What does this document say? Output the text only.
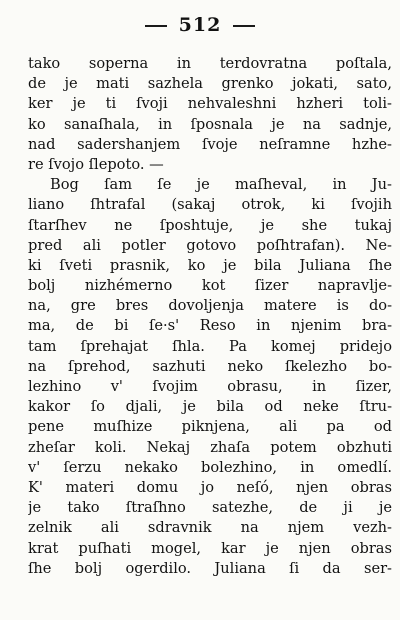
512
tako soperna in terdovratna poſtala,
de je mati sazhela grenko jokati, sato,
ker je ti ſvoji nehvaleshni hzheri toli-
ko sanaſhala, in ſposnala je na sadnje,
nad sadershanjem ſvoje neſramne hzhe-
re ſvojo ſlepoto. —
Bog ſam ſe je maſheval, in Ju-
liano ſhtrafal (sakaj otrok, ki ſvojih
ſtarſhev ne ſposhtuje, je she tukaj
pred ali potler gotovo poſhtrafan). Ne-
ki ſveti prasnik, ko je bila Juliana ſhe
bolj nizhémerno kot ſizer napravlje-
na, gre bres dovoljenja matere is do-
ma, de bi ſe·s' Reso in njenim bra-
tam ſprehajat ſhla. Pa komej pridejo
na ſprehod, sazhuti neko ſkelezho bo-
lezhino v' ſvojim obrasu, in ſizer,
kakor ſo djali, je bila od neke ſtru-
pene muſhize piknjena, ali pa od
zheſar koli. Nekaj zhaſa potem obzhuti
v' ſerzu nekako bolezhino, in omedlí.
K' materi domu jo neſó, njen obras
je tako ſtraſhno satezhe, de ji je
zelnik ali sdravnik na njem vezh-
krat puſhati mogel, kar je njen obras
ſhe bolj ogerdilo. Juliana ſi da ser-
